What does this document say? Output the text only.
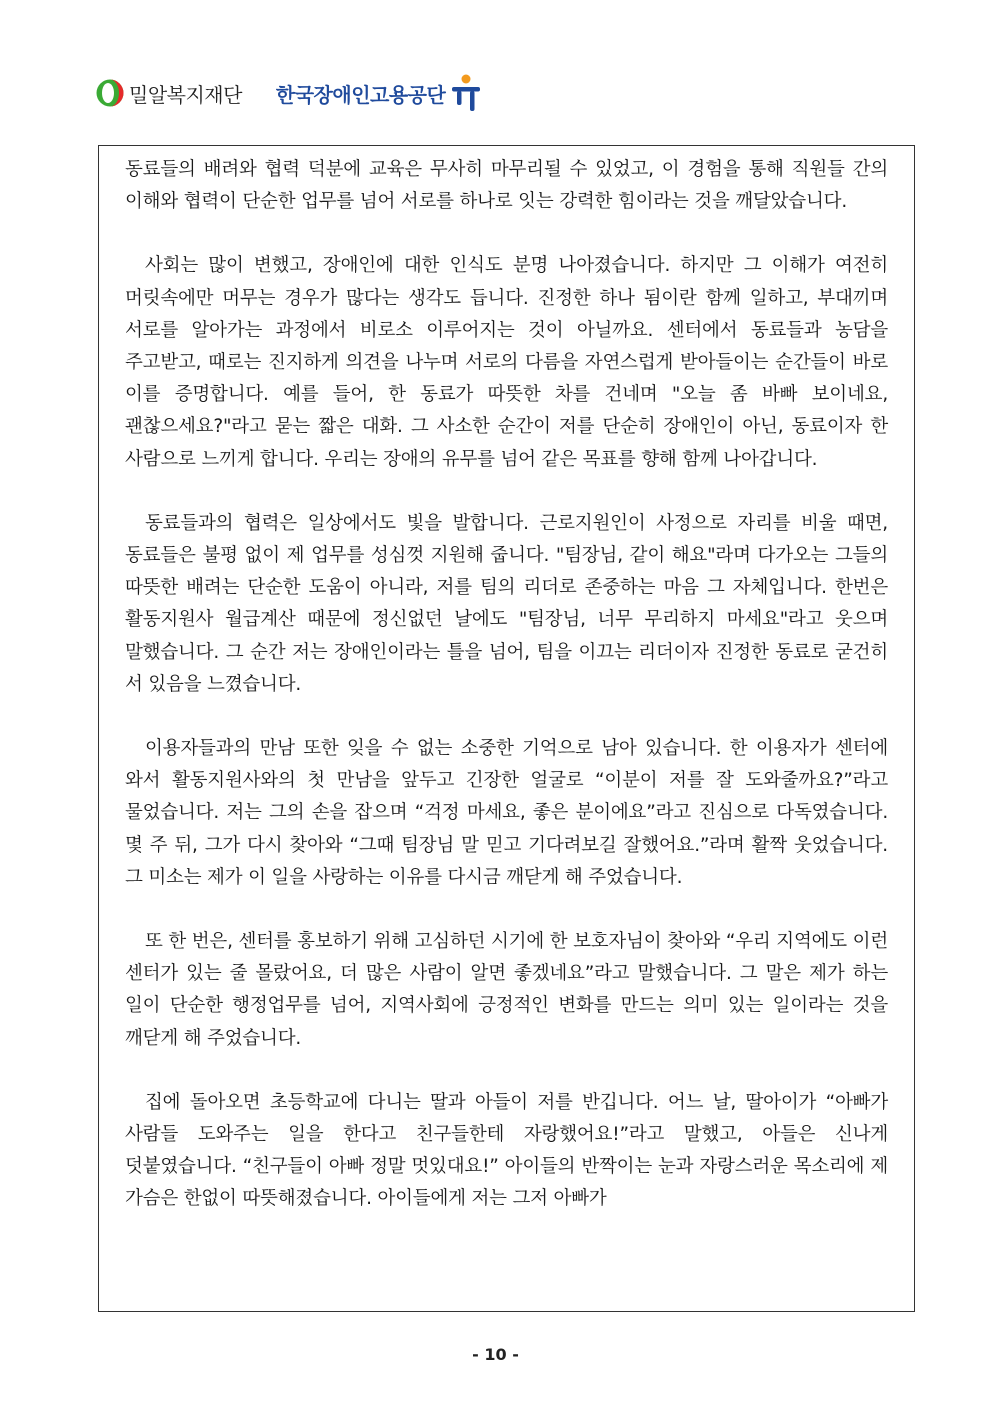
밀알복지재단 한국장애인고용공단

동료들의 배려와 협력 덕분에 교육은 무사히 마무리될 수 있었고, 이 경험을 통해 직원들 간의 이해와 협력이 단순한 업무를 넘어 서로를 하나로 잇는 강력한 힘이라는 것을 깨달았습니다.

사회는 많이 변했고, 장애인에 대한 인식도 분명 나아졌습니다. 하지만 그 이해가 여전히 머릿속에만 머무는 경우가 많다는 생각도 듭니다. 진정한 하나 됨이란 함께 일하고, 부대끼며 서로를 알아가는 과정에서 비로소 이루어지는 것이 아닐까요. 센터에서 동료들과 농담을 주고받고, 때로는 진지하게 의견을 나누며 서로의 다름을 자연스럽게 받아들이는 순간들이 바로 이를 증명합니다. 예를 들어, 한 동료가 따뜻한 차를 건네며 "오늘 좀 바빠 보이네요, 괜찮으세요?"라고 묻는 짧은 대화. 그 사소한 순간이 저를 단순히 장애인이 아닌, 동료이자 한 사람으로 느끼게 합니다. 우리는 장애의 유무를 넘어 같은 목표를 향해 함께 나아갑니다.

동료들과의 협력은 일상에서도 빛을 발합니다. 근로지원인이 사정으로 자리를 비울 때면, 동료들은 불평 없이 제 업무를 성심껏 지원해 줍니다. "팀장님, 같이 해요"라며 다가오는 그들의 따뜻한 배려는 단순한 도움이 아니라, 저를 팀의 리더로 존중하는 마음 그 자체입니다. 한번은 활동지원사 월급계산 때문에 정신없던 날에도 "팀장님, 너무 무리하지 마세요"라고 웃으며 말했습니다. 그 순간 저는 장애인이라는 틀을 넘어, 팀을 이끄는 리더이자 진정한 동료로 굳건히 서 있음을 느꼈습니다.

이용자들과의 만남 또한 잊을 수 없는 소중한 기억으로 남아 있습니다. 한 이용자가 센터에 와서 활동지원사와의 첫 만남을 앞두고 긴장한 얼굴로 “이분이 저를 잘 도와줄까요?”라고 물었습니다. 저는 그의 손을 잡으며 “걱정 마세요, 좋은 분이에요”라고 진심으로 다독였습니다. 몇 주 뒤, 그가 다시 찾아와 “그때 팀장님 말 믿고 기다려보길 잘했어요.”라며 활짝 웃었습니다. 그 미소는 제가 이 일을 사랑하는 이유를 다시금 깨닫게 해 주었습니다.

또 한 번은, 센터를 홍보하기 위해 고심하던 시기에 한 보호자님이 찾아와 “우리 지역에도 이런 센터가 있는 줄 몰랐어요, 더 많은 사람이 알면 좋겠네요”라고 말했습니다. 그 말은 제가 하는 일이 단순한 행정업무를 넘어, 지역사회에 긍정적인 변화를 만드는 의미 있는 일이라는 것을 깨닫게 해 주었습니다.

집에 돌아오면 초등학교에 다니는 딸과 아들이 저를 반깁니다. 어느 날, 딸아이가 “아빠가 사람들 도와주는 일을 한다고 친구들한테 자랑했어요!”라고 말했고, 아들은 신나게 덧붙였습니다. “친구들이 아빠 정말 멋있대요!” 아이들의 반짝이는 눈과 자랑스러운 목소리에 제 가슴은 한없이 따뜻해졌습니다. 아이들에게 저는 그저 아빠가

- 10 -
